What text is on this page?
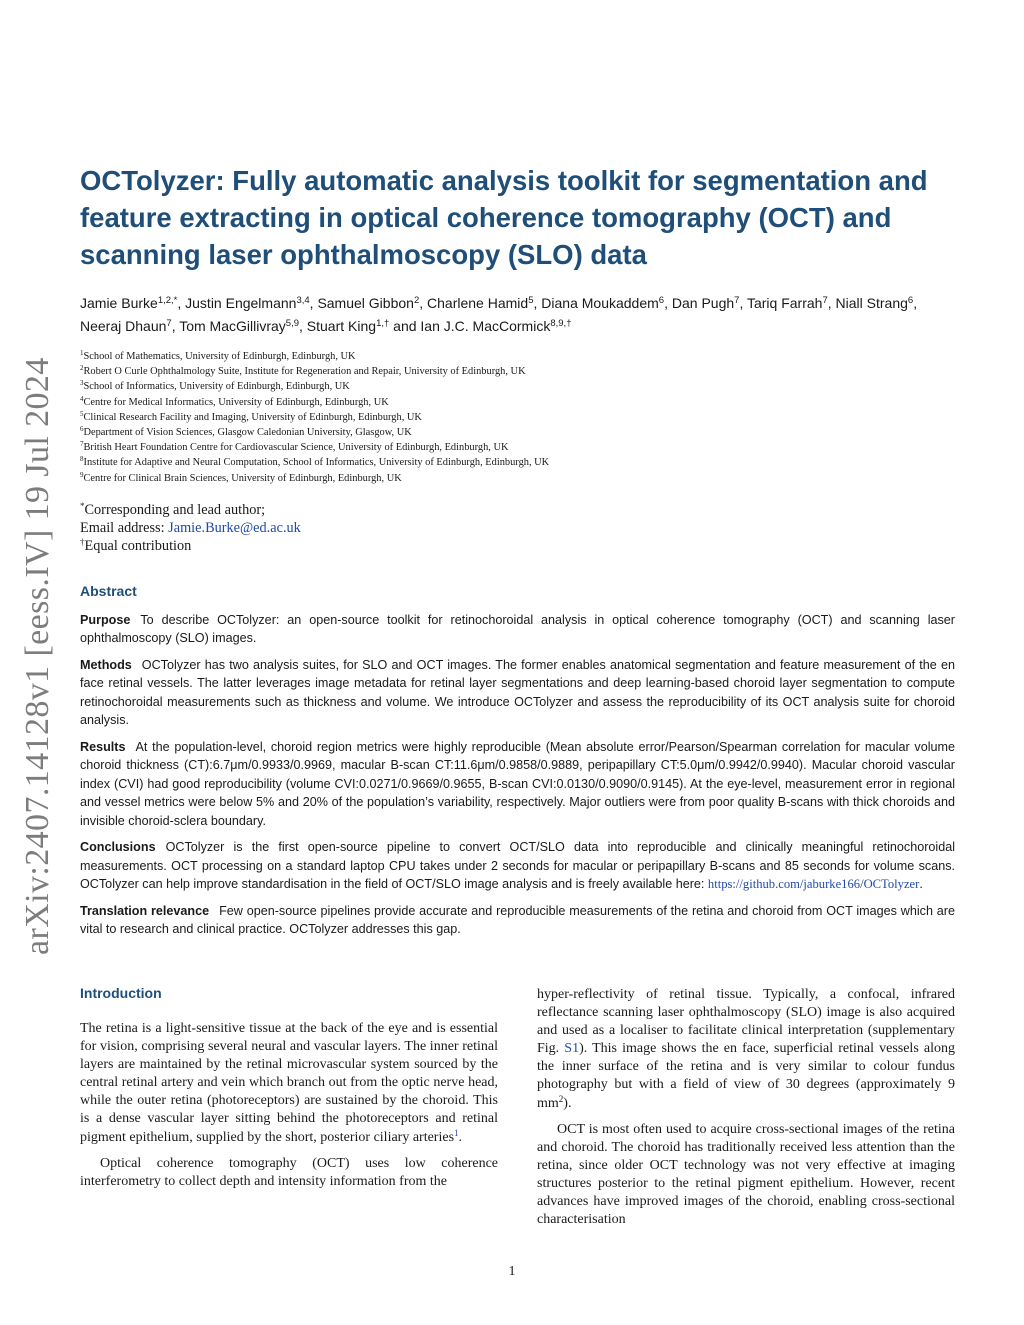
arXiv:2407.14128v1 [eess.IV] 19 Jul 2024
OCTolyzer: Fully automatic analysis toolkit for segmentation and feature extracting in optical coherence tomography (OCT) and scanning laser ophthalmoscopy (SLO) data
Jamie Burke$^{1,2,*}$, Justin Engelmann$^{3,4}$, Samuel Gibbon$^2$, Charlene Hamid$^5$, Diana Moukaddem$^6$, Dan Pugh$^7$, Tariq Farrah$^7$, Niall Strang$^6$, Neeraj Dhaun$^7$, Tom MacGillivray$^{5,9}$, Stuart King$^{1,\dagger}$ and Ian J.C. MacCormick$^{8,9,\dagger}$
$^1$School of Mathematics, University of Edinburgh, Edinburgh, UK
$^2$Robert O Curle Ophthalmology Suite, Institute for Regeneration and Repair, University of Edinburgh, UK
$^3$School of Informatics, University of Edinburgh, Edinburgh, UK
$^4$Centre for Medical Informatics, University of Edinburgh, Edinburgh, UK
$^5$Clinical Research Facility and Imaging, University of Edinburgh, Edinburgh, UK
$^6$Department of Vision Sciences, Glasgow Caledonian University, Glasgow, UK
$^7$British Heart Foundation Centre for Cardiovascular Science, University of Edinburgh, Edinburgh, UK
$^8$Institute for Adaptive and Neural Computation, School of Informatics, University of Edinburgh, Edinburgh, UK
$^9$Centre for Clinical Brain Sciences, University of Edinburgh, Edinburgh, UK
*Corresponding and lead author;
Email address: Jamie.Burke@ed.ac.uk
†Equal contribution
Abstract

Purpose To describe OCTolyzer: an open-source toolkit for retinochoroidal analysis in optical coherence tomography (OCT) and scanning laser ophthalmoscopy (SLO) images.

Methods OCTolyzer has two analysis suites, for SLO and OCT images. The former enables anatomical segmentation and feature measurement of the en face retinal vessels. The latter leverages image metadata for retinal layer segmentations and deep learning-based choroid layer segmentation to compute retinochoroidal measurements such as thickness and volume. We introduce OCTolyzer and assess the reproducibility of its OCT analysis suite for choroid analysis.

Results At the population-level, choroid region metrics were highly reproducible (Mean absolute error/Pearson/Spearman correlation for macular volume choroid thickness (CT):6.7μm/0.9933/0.9969, macular B-scan CT:11.6μm/0.9858/0.9889, peripapillary CT:5.0μm/0.9942/0.9940). Macular choroid vascular index (CVI) had good reproducibility (volume CVI:0.0271/0.9669/0.9655, B-scan CVI:0.0130/0.9090/0.9145). At the eye-level, measurement error in regional and vessel metrics were below 5% and 20% of the population’s variability, respectively. Major outliers were from poor quality B-scans with thick choroids and invisible choroid-sclera boundary.

Conclusions OCTolyzer is the first open-source pipeline to convert OCT/SLO data into reproducible and clinically meaningful retinochoroidal measurements. OCT processing on a standard laptop CPU takes under 2 seconds for macular or peripapillary B-scans and 85 seconds for volume scans. OCTolyzer can help improve standardisation in the field of OCT/SLO image analysis and is freely available here: https://github.com/jaburke166/OCTolyzer.

Translation relevance Few open-source pipelines provide accurate and reproducible measurements of the retina and choroid from OCT images which are vital to research and clinical practice. OCTolyzer addresses this gap.

Introduction

The retina is a light-sensitive tissue at the back of the eye and is essential for vision, comprising several neural and vascular layers. The inner retinal layers are maintained by the retinal microvascular system sourced by the central retinal artery and vein which branch out from the optic nerve head, while the outer retina (photoreceptors) are sustained by the choroid. This is a dense vascular layer sitting behind the photoreceptors and retinal pigment epithelium, supplied by the short, posterior ciliary arteries$^1$.

Optical coherence tomography (OCT) uses low coherence interferometry to collect depth and intensity information from the

hyper-reflectivity of retinal tissue. Typically, a confocal, infrared reflectance scanning laser ophthalmoscopy (SLO) image is also acquired and used as a localiser to facilitate clinical interpretation (supplementary Fig. S1). This image shows the en face, superficial retinal vessels along the inner surface of the retina and is very similar to colour fundus photography but with a field of view of 30 degrees (approximately 9 $mm^2$).

OCT is most often used to acquire cross-sectional images of the retina and choroid. The choroid has traditionally received less attention than the retina, since older OCT technology was not very effective at imaging structures posterior to the retinal pigment epithelium. However, recent advances have improved images of the choroid, enabling cross-sectional characterisation

1
